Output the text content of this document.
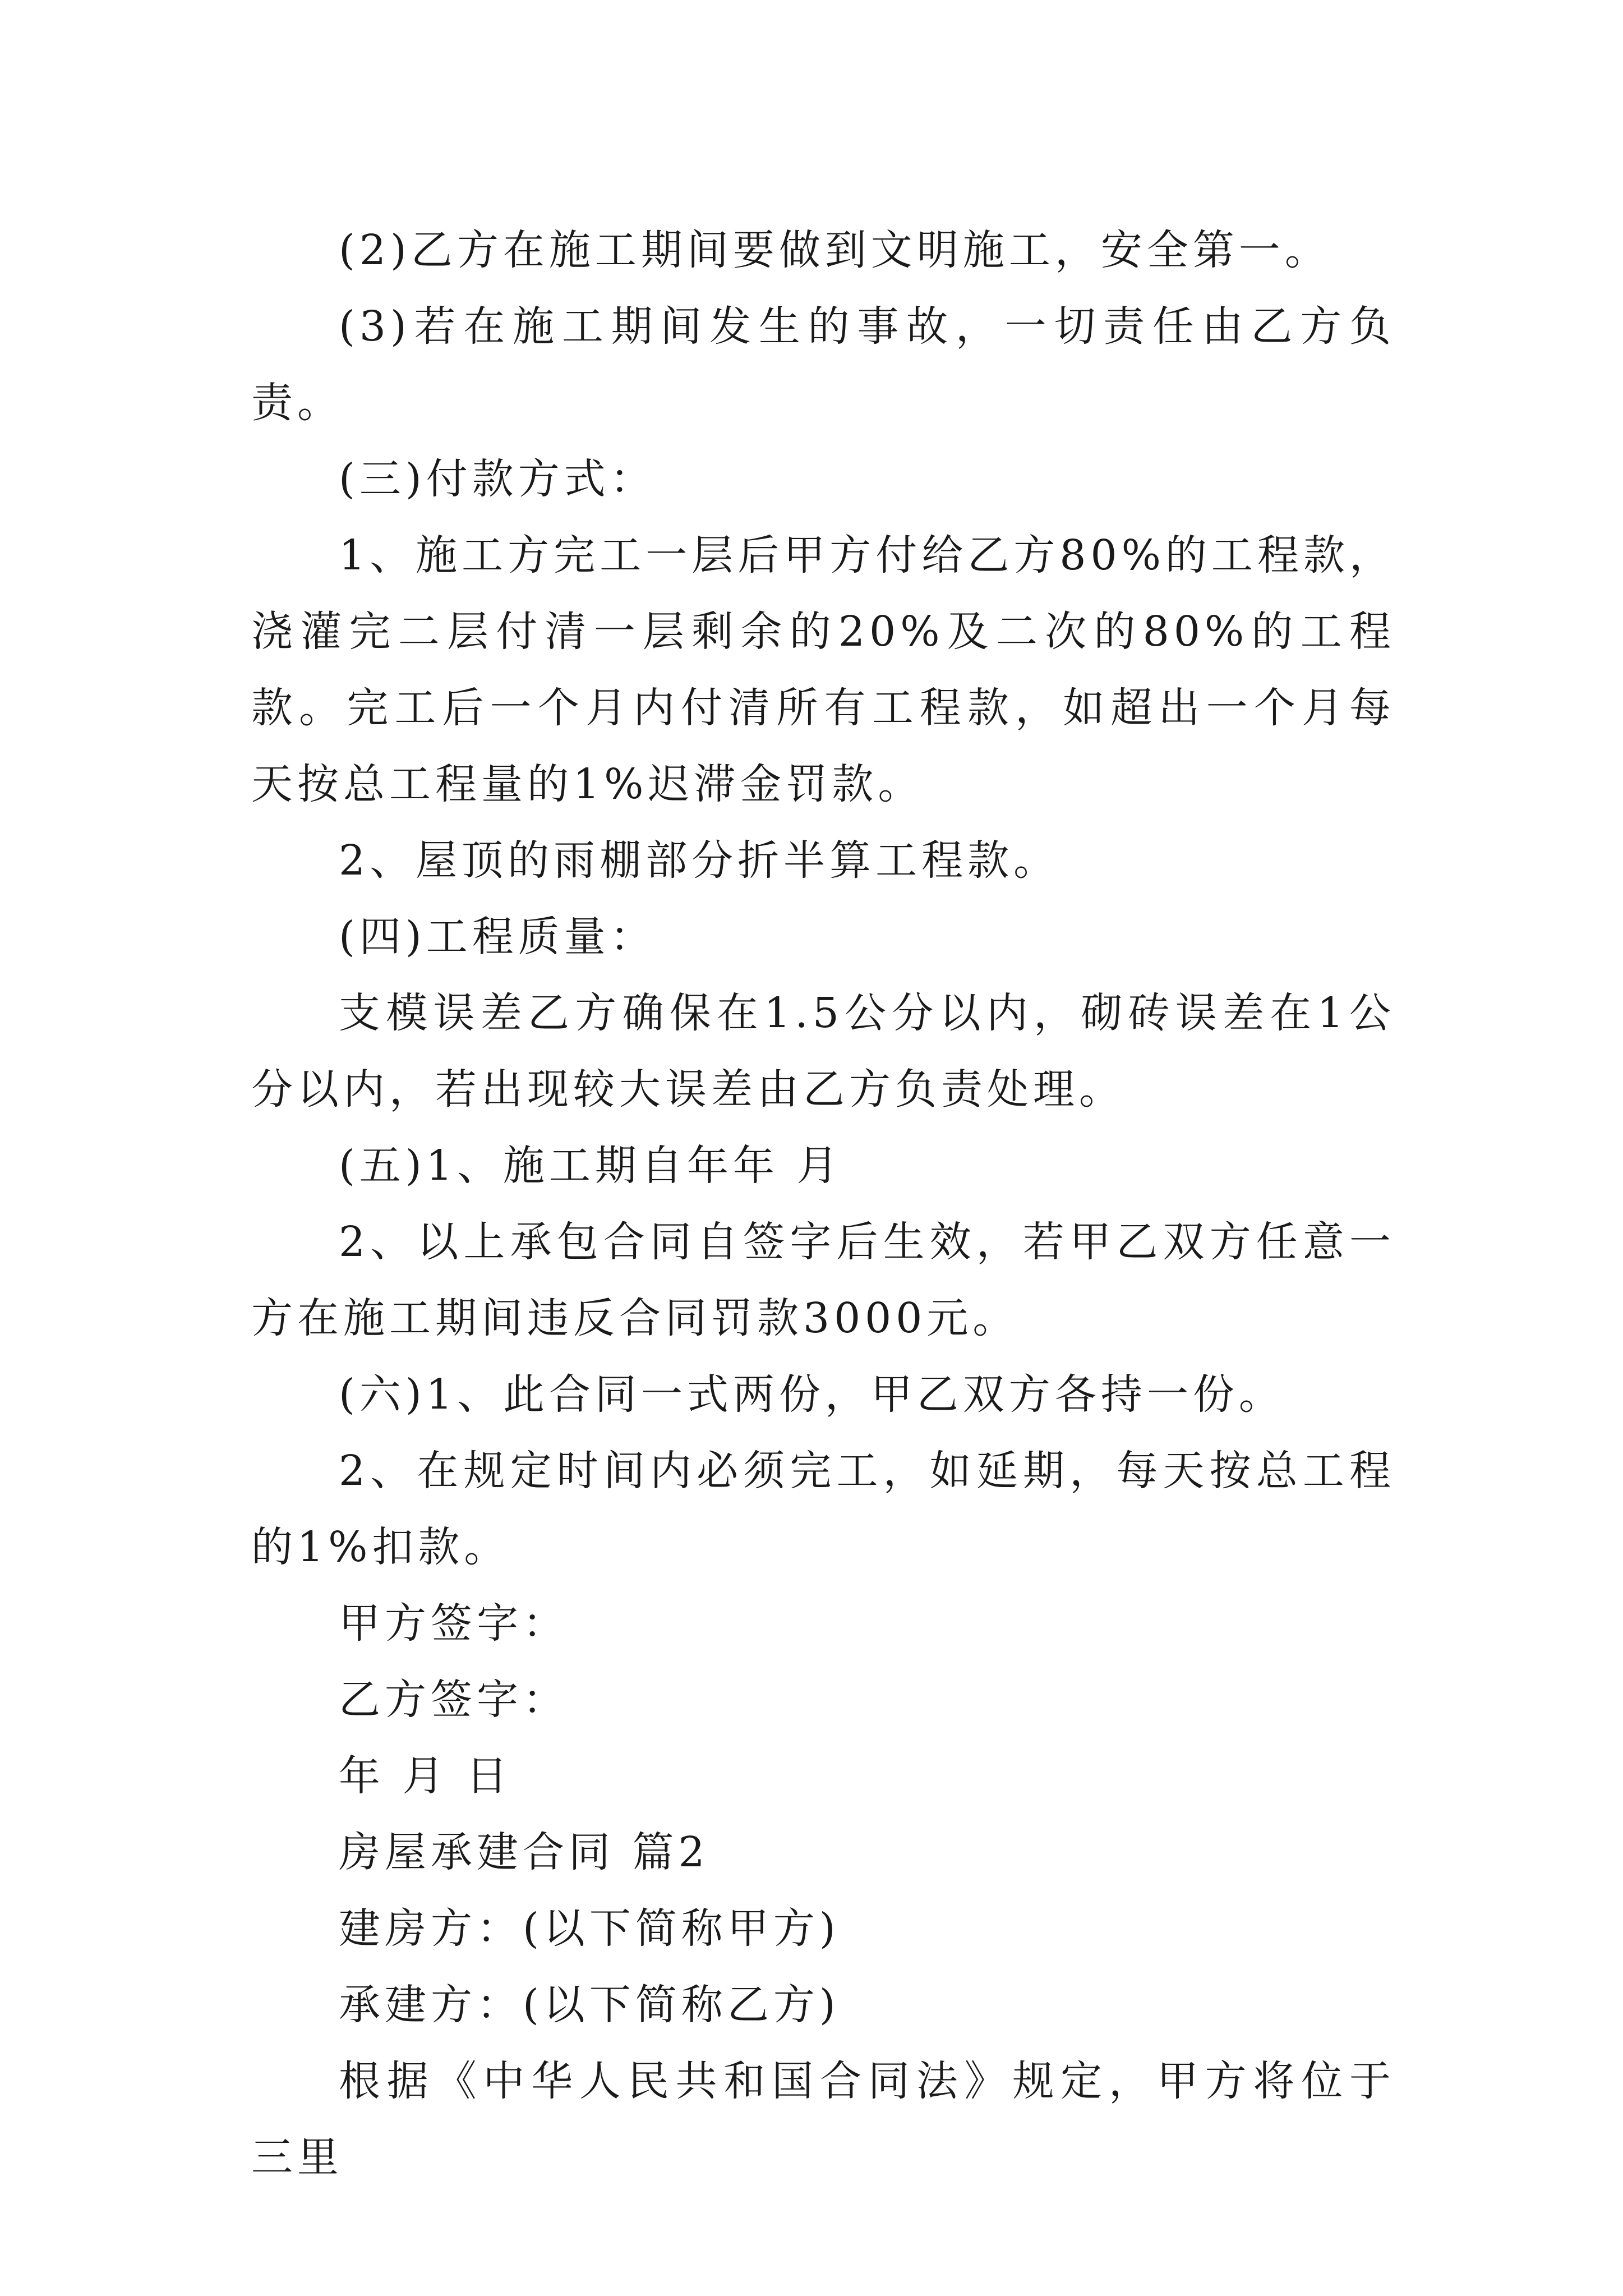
(2)乙方在施工期间要做到文明施工，安全第一。

(3)若在施工期间发生的事故，一切责任由乙方负责。

(三)付款方式：

1、施工方完工一层后甲方付给乙方80%的工程款，浇灌完二层付清一层剩余的20%及二次的80%的工程款。完工后一个月内付清所有工程款，如超出一个月每天按总工程量的1%迟滞金罚款。

2、屋顶的雨棚部分折半算工程款。

(四)工程质量：

支模误差乙方确保在1.5公分以内，砌砖误差在1公分以内，若出现较大误差由乙方负责处理。

(五)1、施工期自年年 月

2、以上承包合同自签字后生效，若甲乙双方任意一方在施工期间违反合同罚款3000元。

(六)1、此合同一式两份，甲乙双方各持一份。

2、在规定时间内必须完工，如延期，每天按总工程的1%扣款。

甲方签字：

乙方签字：

年 月 日

房屋承建合同 篇2

建房方：(以下简称甲方)

承建方：(以下简称乙方)

根据《中华人民共和国合同法》规定，甲方将位于三里
